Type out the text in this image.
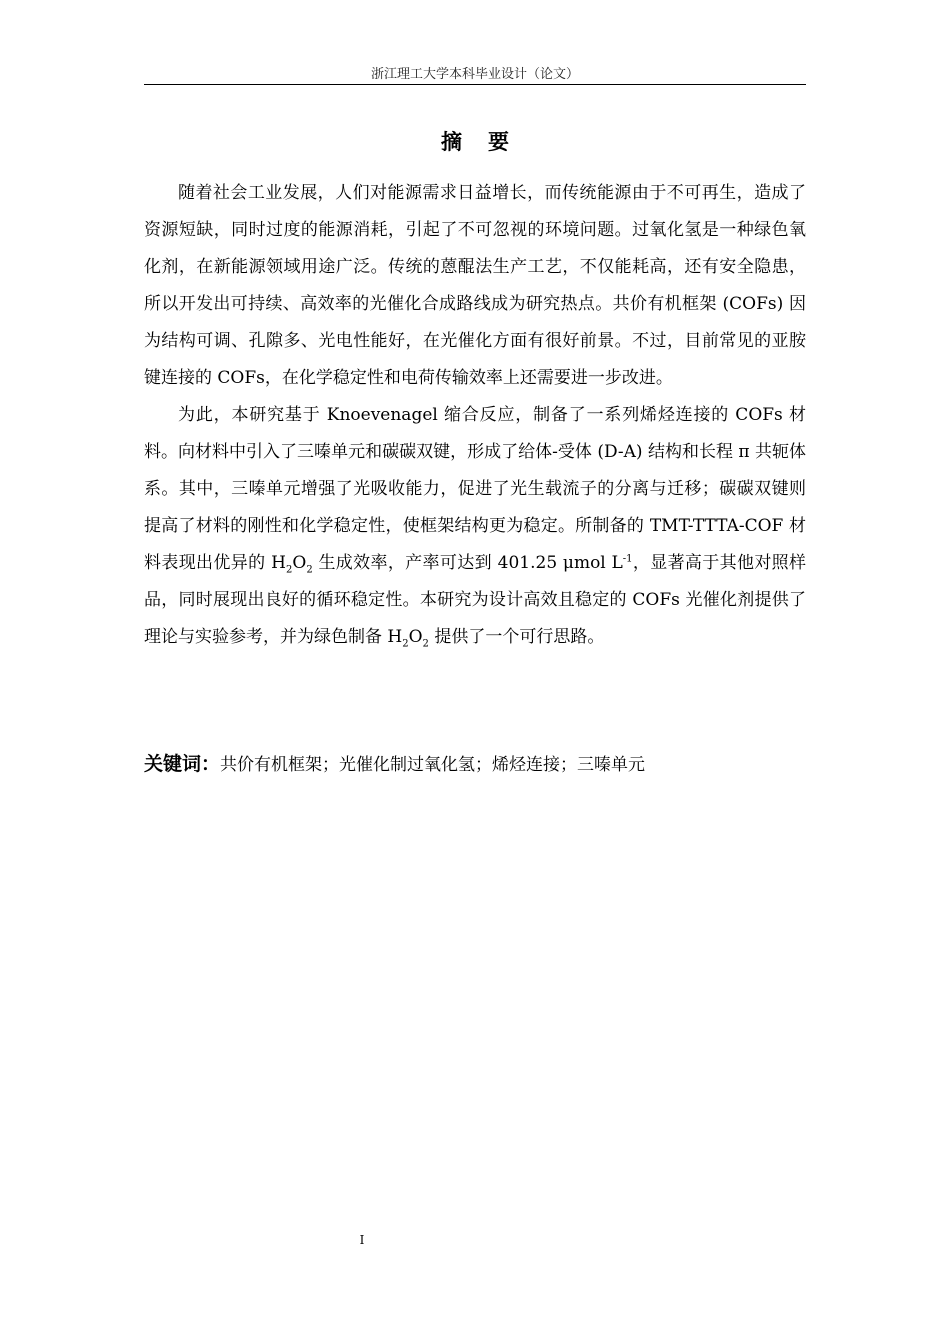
浙江理工大学本科毕业设计（论文）
摘要

随着社会工业发展，人们对能源需求日益增长，而传统能源由于不可再生，造成了资源短缺，同时过度的能源消耗，引起了不可忽视的环境问题。过氧化氢是一种绿色氧化剂，在新能源领域用途广泛。传统的蒽醌法生产工艺，不仅能耗高，还有安全隐患，所以开发出可持续、高效率的光催化合成路线成为研究热点。共价有机框架 (COFs) 因为结构可调、孔隙多、光电性能好，在光催化方面有很好前景。不过，目前常见的亚胺键连接的 COFs，在化学稳定性和电荷传输效率上还需要进一步改进。

为此，本研究基于 Knoevenagel 缩合反应，制备了一系列烯烃连接的 COFs 材料。向材料中引入了三嗪单元和碳碳双键，形成了给体-受体 (D-A) 结构和长程 π 共轭体系。其中，三嗪单元增强了光吸收能力，促进了光生载流子的分离与迁移；碳碳双键则提高了材料的刚性和化学稳定性，使框架结构更为稳定。所制备的 TMT-TTTA-COF 材料表现出优异的 $H_2O_2$ 生成效率，产率可达到 401.25 μmol $L^{-1}$，显著高于其他对照样品，同时展现出良好的循环稳定性。本研究为设计高效且稳定的 COFs 光催化剂提供了理论与实验参考，并为绿色制备 $H_2O_2$ 提供了一个可行思路。

关键词：共价有机框架；光催化制过氧化氢；烯烃连接；三嗪单元
I
